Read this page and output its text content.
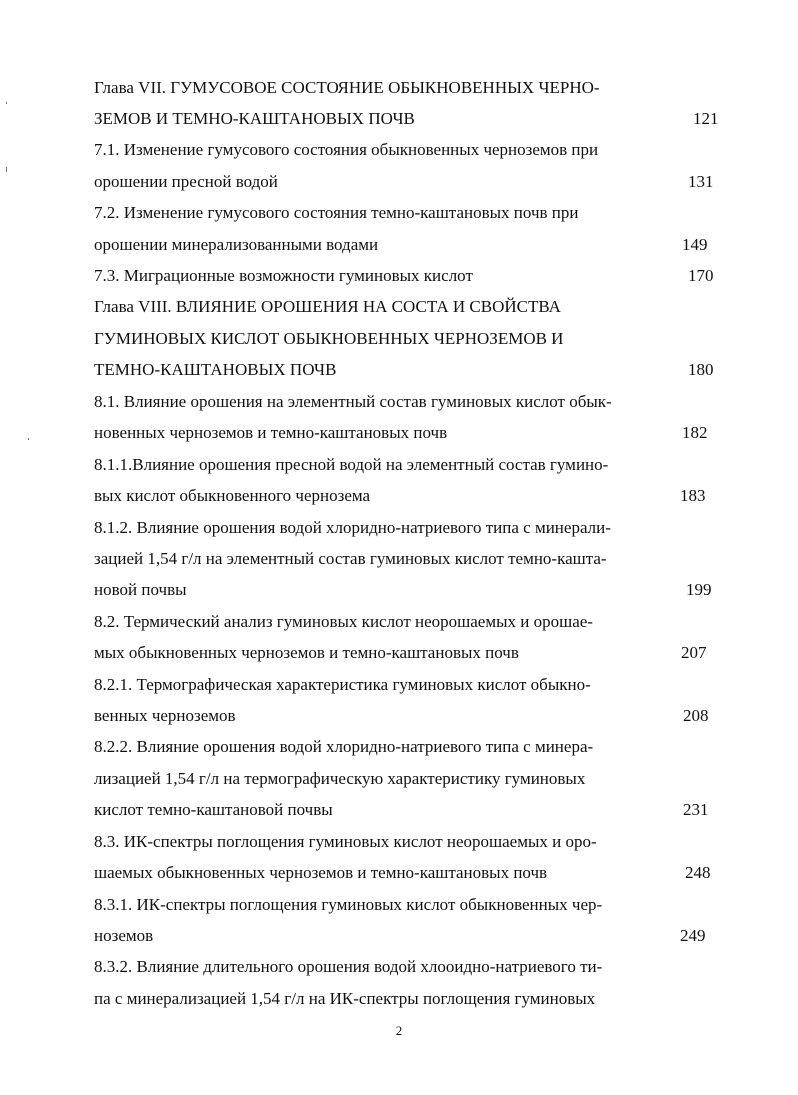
Глава VII. ГУМУСОВОЕ СОСТОЯНИЕ ОБЫКНОВЕННЫХ ЧЕРНО-
ЗЕМОВ И ТЕМНО-КАШТАНОВЫХ ПОЧВ	121
7.1. Изменение гумусового состояния обыкновенных черноземов при
орошении пресной водой	131
7.2. Изменение гумусового состояния темно-каштановых почв при
орошении минерализованными водами	149
7.3. Миграционные возможности гуминовых кислот	170
Глава VIII. ВЛИЯНИЕ ОРОШЕНИЯ НА СОСТА И СВОЙСТВА
ГУМИНОВЫХ КИСЛОТ ОБЫКНОВЕННЫХ ЧЕРНОЗЕМОВ И
ТЕМНО-КАШТАНОВЫХ ПОЧВ	180
8.1. Влияние орошения на элементный состав гуминовых кислот обык-
новенных черноземов и темно-каштановых почв	182
8.1.1.Влияние орошения пресной водой на элементный состав гумино-
вых кислот обыкновенного чернозема	183
8.1.2. Влияние орошения водой хлоридно-натриевого типа с минерали-
зацией 1,54 г/л на элементный состав гуминовых кислот темно-кашта-
новой почвы	199
8.2. Термический анализ гуминовых кислот неорошаемых и орошае-
мых обыкновенных черноземов и темно-каштановых почв	207
8.2.1. Термографическая характеристика гуминовых кислот обыкно-
венных черноземов	208
8.2.2. Влияние орошения водой хлоридно-натриевого типа с минера-
лизацией 1,54 г/л на термографическую характеристику гуминовых
кислот темно-каштановой почвы	231
8.3. ИК-спектры поглощения гуминовых кислот неорошаемых и оро-
шаемых обыкновенных черноземов и темно-каштановых почв	248
8.3.1. ИК-спектры поглощения гуминовых кислот обыкновенных чер-
ноземов	249
8.3.2. Влияние длительного орошения водой хлооидно-натриевого ти-
па с минерализацией 1,54 г/л на ИК-спектры поглощения гуминовых
2
